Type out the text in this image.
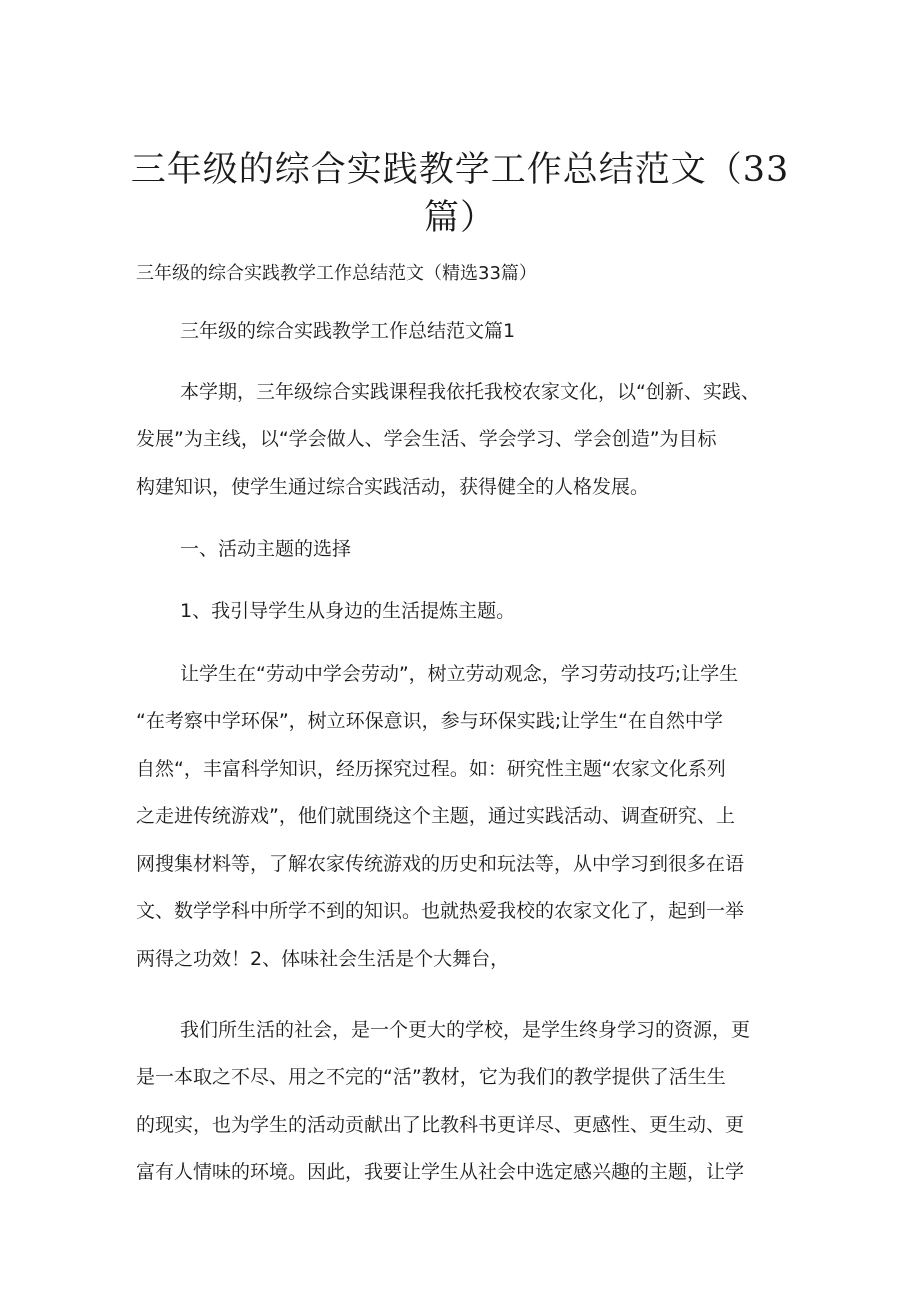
三年级的综合实践教学工作总结范文（33
篇）

三年级的综合实践教学工作总结范文（精选33篇）

三年级的综合实践教学工作总结范文篇1

本学期，三年级综合实践课程我依托我校农家文化，以“创新、实践、

发展”为主线，以“学会做人、学会生活、学会学习、学会创造”为目标

构建知识，使学生通过综合实践活动，获得健全的人格发展。

一、活动主题的选择

1、我引导学生从身边的生活提炼主题。

让学生在“劳动中学会劳动”，树立劳动观念，学习劳动技巧;让学生

“在考察中学环保”，树立环保意识，参与环保实践;让学生“在自然中学

自然“，丰富科学知识，经历探究过程。如：研究性主题“农家文化系列

之走进传统游戏”，他们就围绕这个主题，通过实践活动、调查研究、上

网搜集材料等，了解农家传统游戏的历史和玩法等，从中学习到很多在语

文、数学学科中所学不到的知识。也就热爱我校的农家文化了，起到一举

两得之功效！2、体味社会生活是个大舞台，

我们所生活的社会，是一个更大的学校，是学生终身学习的资源，更

是一本取之不尽、用之不完的“活”教材，它为我们的教学提供了活生生

的现实，也为学生的活动贡献出了比教科书更详尽、更感性、更生动、更

富有人情味的环境。因此，我要让学生从社会中选定感兴趣的主题，让学
